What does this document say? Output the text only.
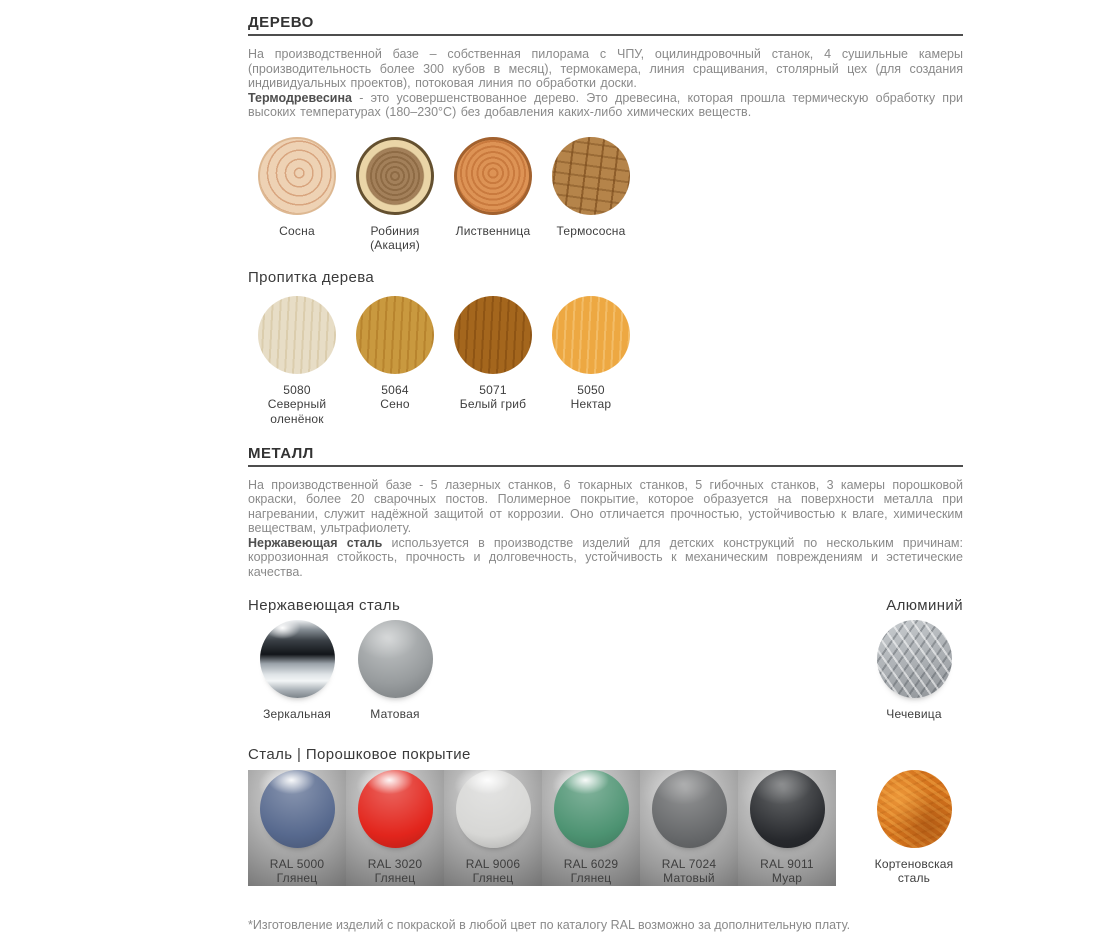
ДЕРЕВО

На производственной базе – собственная пилорама с ЧПУ, оцилиндровочный станок, 4 сушильные камеры (производительность более 300 кубов в месяц), термокамера, линия сращивания, столярный цех (для создания индивидуальных проектов), потоковая линия по обработки доски.

Термодревесина - это усовершенствованное дерево. Это древесина, которая прошла термическую обработку при высоких температурах (180–230°С) без добавления каких-либо химических веществ.

Сосна	Робиния (Акация)
Лиственница Термососна
Пропитка дерева
5080
Северный оленёнок
5064
Сено
5071
Белый гриб
5050
Нектар
МЕТАЛЛ

На производственной базе - 5 лазерных станков, 6 токарных станков, 5 гибочных станков, 3 камеры порошковой окраски, более 20 сварочных постов. Полимерное покрытие, которое образуется на поверхности металла при нагревании, служит надёжной защитой от коррозии. Оно отличается прочностью, устойчивостью к влаге, химическим веществам, ультрафиолету.

Нержавеющая сталь используется в производстве изделий для детских конструкций по нескольким причинам: коррозионная стойкость, прочность и долговечность, устойчивость к механическим повреждениям и эстетические качества.

Нержавеющая сталь	Алюминий
Зеркальная	Матовая	Чечевица
Сталь | Порошковое покрытие
RAL 5000
Глянец
RAL 3020
Глянец
RAL 9006
Глянец
RAL 6029
Глянец
RAL 7024
Матовый
RAL 9011
Муар
Кортеновская сталь

*Изготовление изделий с покраской в любой цвет по каталогу RAL возможно за дополнительную плату.
